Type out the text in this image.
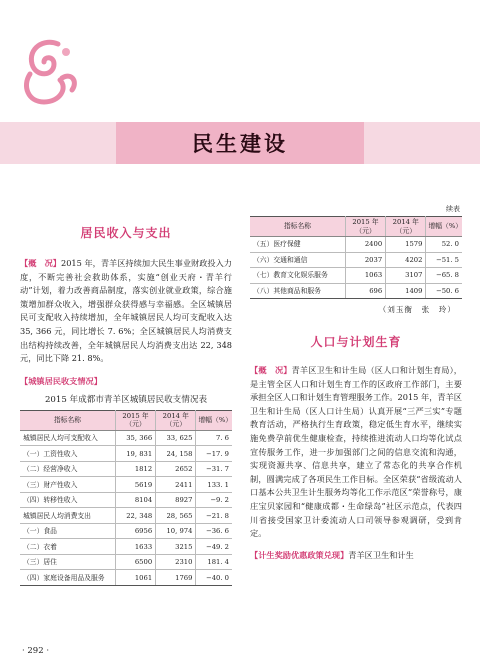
民生建设
居民收入与支出

【概　况】2015 年，青羊区持续加大民生事业财政投入力度，不断完善社会救助体系，实施“创业天府・青羊行动”计划，着力改善商品制度，落实创业就业政策，综合施策增加群众收入，增强群众获得感与幸福感。全区城镇居民可支配收入持续增加，全年城镇居民人均可支配收入达 35, 366 元，同比增长 7. 6%；全区城镇居民人均消费支出结构持续改善，全年城镇居民人均消费支出达 22, 348 元，同比下降 21. 8%。

【城镇居民收支情况】
2015 年成都市青羊区城镇居民收支情况表
指标名称	2015 年（元）	2014 年（元）	增幅（%）
城镇居民人均可支配收入	35, 366	33, 625	7. 6
（一）工资性收入	19, 831	24, 158	−17. 9
（二）经营净收入	1812	2652	−31. 7
（三）财产性收入	5619	2411	133. 1
（四）转移性收入	8104	8927	−9. 2
城镇居民人均消费支出	22, 348	28, 565	−21. 8
（一）食品	6956	10, 974	−36. 6
（二）衣着	1633	3215	−49. 2
（三）居住	6500	2310	181. 4
（四）家庭设备用品及服务	1061	1769	−40. 0
续表
指标名称	2015 年（元）	2014 年（元）	增幅（%）
（五）医疗保健	2400	1579	52. 0
（六）交通和通信	2037	4202	−51. 5
（七）教育文化娱乐服务	1063	3107	−65. 8
（八）其他商品和服务	696	1409	−50. 6
（刘玉衡　张　玲）
人口与计划生育

【概　况】青羊区卫生和计生局（区人口和计划生育局），是主管全区人口和计划生育工作的区政府工作部门，主要承担全区人口和计划生育管理服务工作。2015 年，青羊区卫生和计生局（区人口计生局）认真开展“三严三实”专题教育活动，严格执行生育政策，稳定低生育水平，继续实施免费孕前优生健康检查，持续推进流动人口均等化试点宣传服务工作，进一步加强部门之间的信息交流和沟通，实现资源共享、信息共享，建立了常态化的共享合作机制，圆满完成了各项民生工作目标。全区荣获“省级流动人口基本公共卫生计生服务均等化工作示范区”荣誉称号，康庄宝贝家园和“健康成都・生命绿岛”社区示范点，代表四川省接受国家卫计委流动人口司领导参观调研，受到肯定。

【计生奖励优惠政策兑现】青羊区卫生和计生

· 292 ·
